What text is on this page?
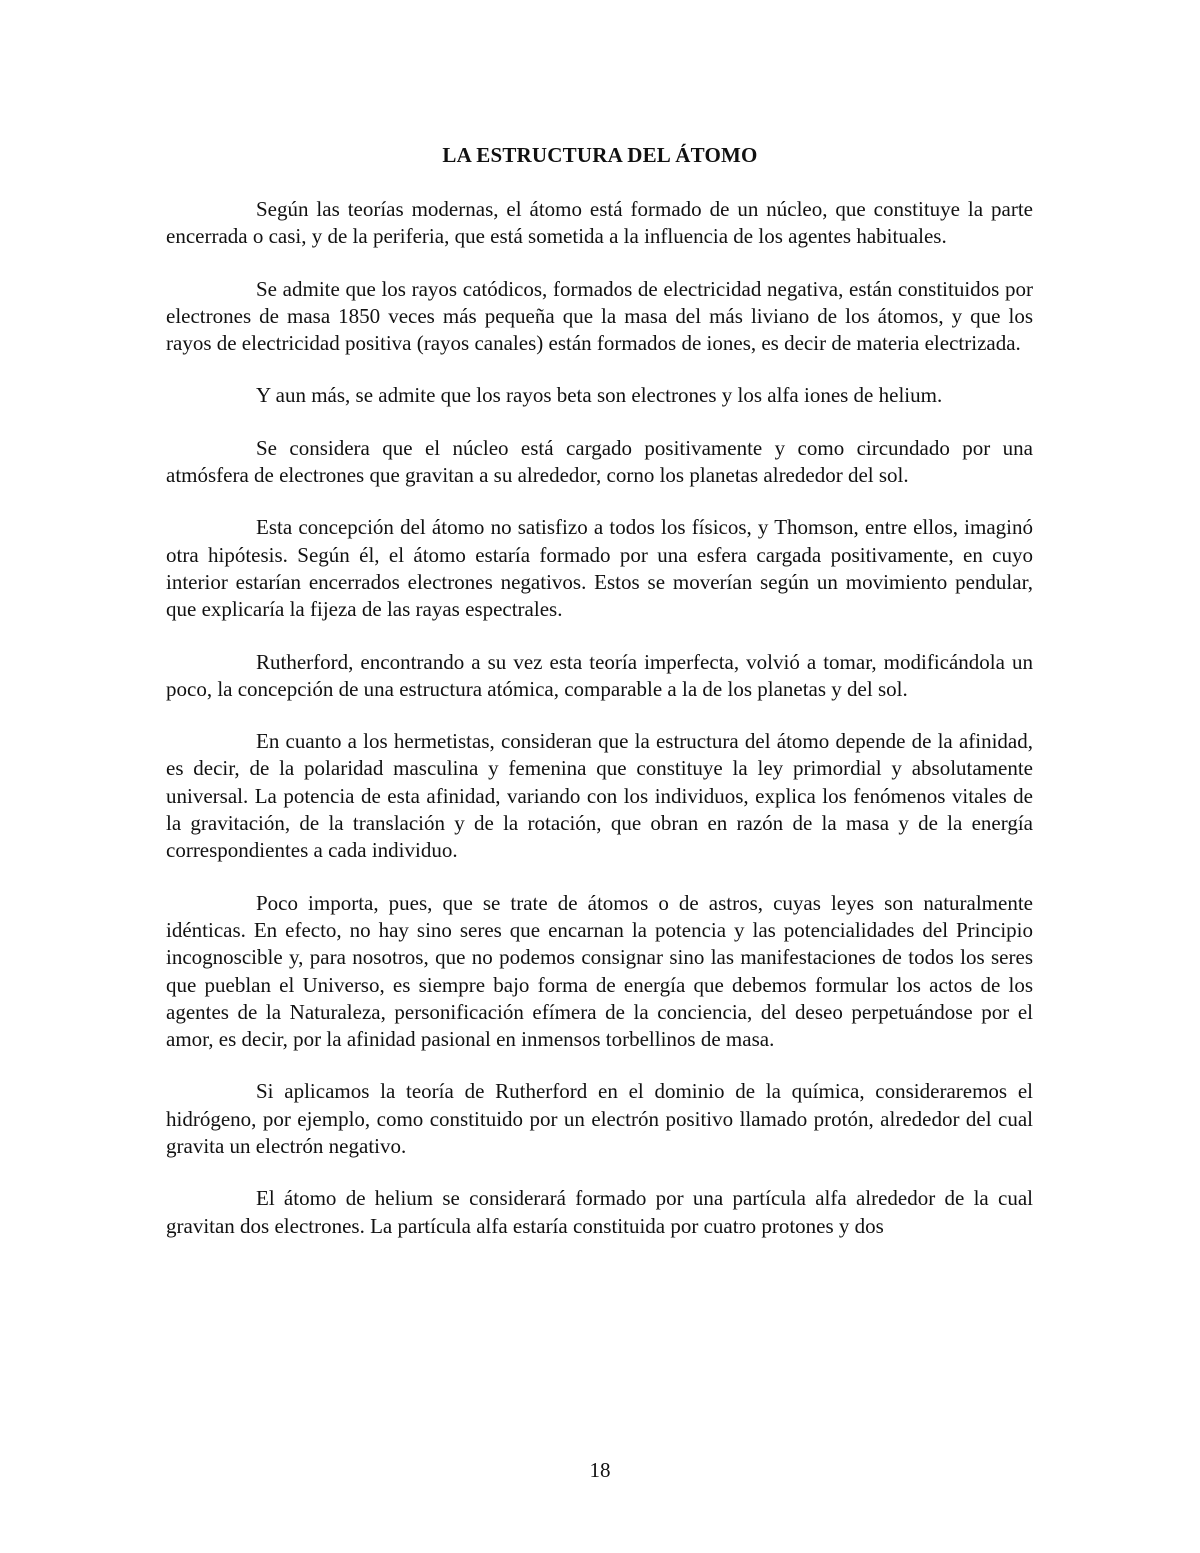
LA ESTRUCTURA DEL ÁTOMO

Según las teorías modernas, el átomo está formado de un núcleo, que constituye la parte encerrada o casi, y de la periferia, que está sometida a la influencia de los agentes habituales.

Se admite que los rayos catódicos, formados de electricidad negativa, están constituidos por electrones de masa 1850 veces más pequeña que la masa del más liviano de los átomos, y que los rayos de electricidad positiva (rayos canales) están formados de iones, es decir de materia electrizada.

Y aun más, se admite que los rayos beta son electrones y los alfa iones de helium.

Se considera que el núcleo está cargado positivamente y como circundado por una atmósfera de electrones que gravitan a su alrededor, corno los planetas alrededor del sol.

Esta concepción del átomo no satisfizo a todos los físicos, y Thomson, entre ellos, imaginó otra hipótesis. Según él, el átomo estaría formado por una esfera cargada positivamente, en cuyo interior estarían encerrados electrones negativos. Estos se moverían según un movimiento pendular, que explicaría la fijeza de las rayas espectrales.

Rutherford, encontrando a su vez esta teoría imperfecta, volvió a tomar, modificándola un poco, la concepción de una estructura atómica, comparable a la de los planetas y del sol.

En cuanto a los hermetistas, consideran que la estructura del átomo depende de la afinidad, es decir, de la polaridad masculina y femenina que constituye la ley primordial y absolutamente universal. La potencia de esta afinidad, variando con los individuos, explica los fenómenos vitales de la gravitación, de la translación y de la rotación, que obran en razón de la masa y de la energía correspondientes a cada individuo.

Poco importa, pues, que se trate de átomos o de astros, cuyas leyes son naturalmente idénticas. En efecto, no hay sino seres que encarnan la potencia y las potencialidades del Principio incognoscible y, para nosotros, que no podemos consignar sino las manifestaciones de todos los seres que pueblan el Universo, es siempre bajo forma de energía que debemos formular los actos de los agentes de la Naturaleza, personificación efímera de la conciencia, del deseo perpetuándose por el amor, es decir, por la afinidad pasional en inmensos torbellinos de masa.

Si aplicamos la teoría de Rutherford en el dominio de la química, consideraremos el hidrógeno, por ejemplo, como constituido por un electrón positivo llamado protón, alrededor del cual gravita un electrón negativo.

El átomo de helium se considerará formado por una partícula alfa alrededor de la cual gravitan dos electrones. La partícula alfa estaría constituida por cuatro protones y dos

18
